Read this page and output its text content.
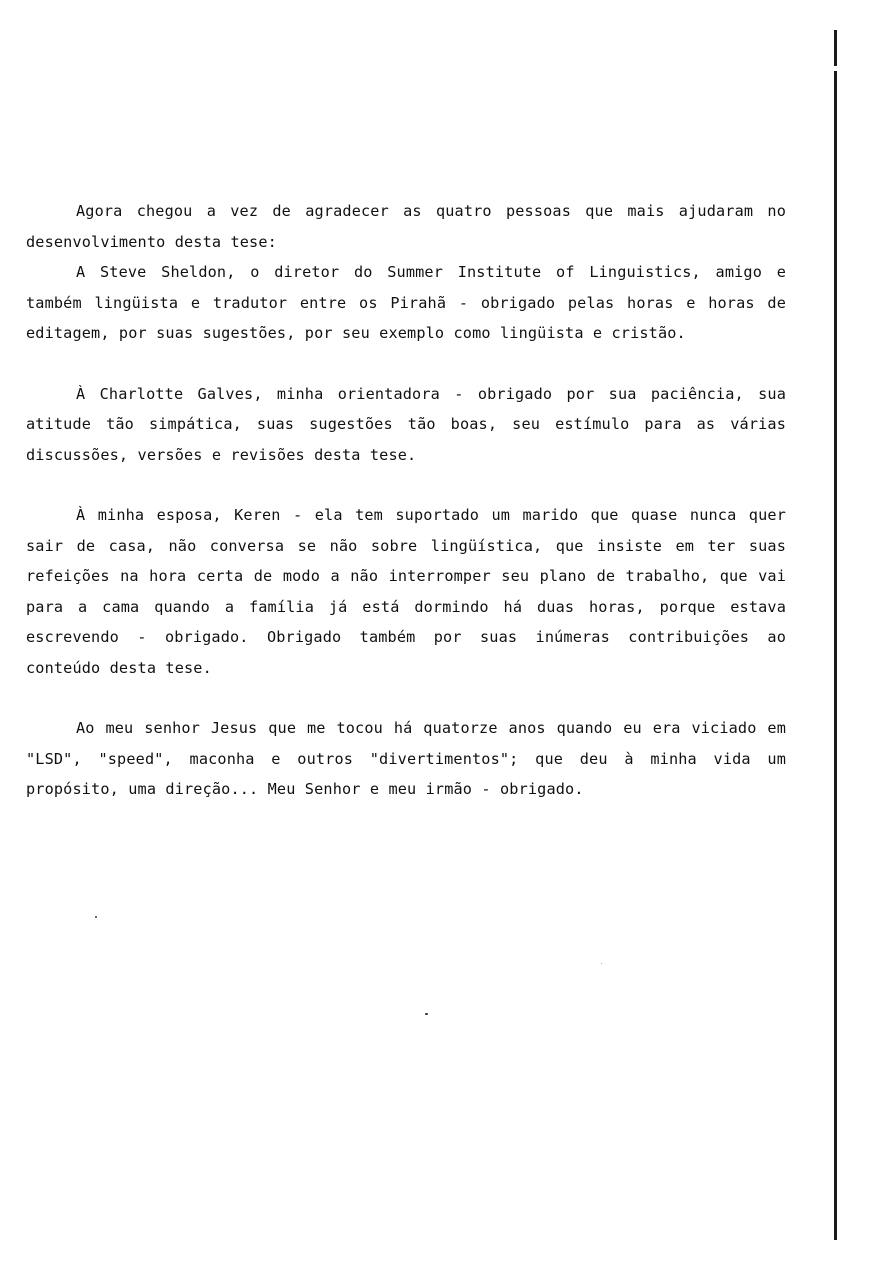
Agora chegou a vez de agradecer as quatro pessoas que mais ajudaram no desenvolvimento desta tese:

A Steve Sheldon, o diretor do Summer Institute of Linguistics, amigo e também lingüista e tradutor entre os Pirahã - obrigado pelas horas e horas de editagem, por suas sugestões, por seu exemplo como lingüista e cristão.

À Charlotte Galves, minha orientadora - obrigado por sua paciência, sua atitude tão simpática, suas sugestões tão boas, seu estímulo para as várias discussões, versões e revisões desta tese.

À minha esposa, Keren - ela tem suportado um marido que quase nunca quer sair de casa, não conversa se não sobre lingüística, que insiste em ter suas refeições na hora certa de modo a não interromper seu plano de trabalho, que vai para a cama quando a família já está dormindo há duas horas, porque estava escrevendo - obrigado. Obrigado também por suas inúmeras contribuições ao conteúdo desta tese.

Ao meu senhor Jesus que me tocou há quatorze anos quando eu era viciado em "LSD", "speed", maconha e outros "divertimentos"; que deu à minha vida um propósito, uma direção... Meu Senhor e meu irmão - obrigado.
